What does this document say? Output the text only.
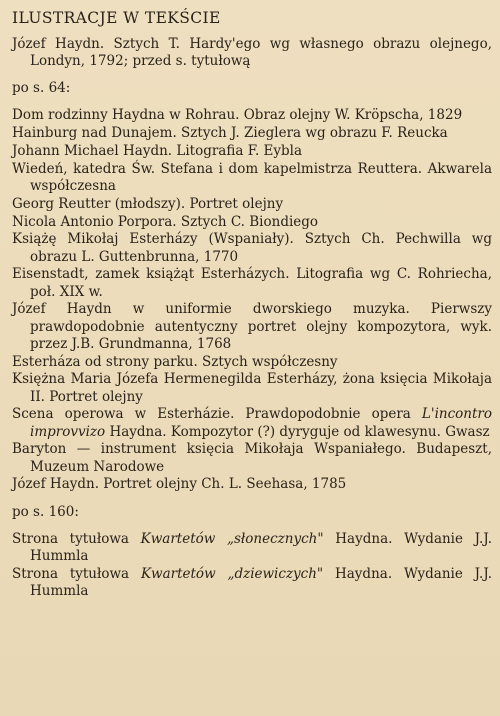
ILUSTRACJE W TEKŚCIE
Józef Haydn. Sztych T. Hardy'ego wg własnego obrazu olejnego, Londyn, 1792; przed s. tytułową
po s. 64:
Dom rodzinny Haydna w Rohrau. Obraz olejny W. Kröpscha, 1829
Hainburg nad Dunajem. Sztych J. Zieglera wg obrazu F. Reucka
Johann Michael Haydn. Litografia F. Eybla
Wiedeń, katedra Św. Stefana i dom kapelmistrza Reuttera. Akwarela współczesna
Georg Reutter (młodszy). Portret olejny
Nicola Antonio Porpora. Sztych C. Biondiego
Książę Mikołaj Esterházy (Wspaniały). Sztych Ch. Pechwilla wg obrazu L. Guttenbrunna, 1770
Eisenstadt, zamek książąt Esterházych. Litografia wg C. Rohriecha, poł. XIX w.
Józef Haydn w uniformie dworskiego muzyka. Pierwszy prawdopodobnie autentyczny portret olejny kompozytora, wyk. przez J.B. Grundmanna, 1768
Esterháza od strony parku. Sztych współczesny
Księżna Maria Józefa Hermenegilda Esterházy, żona księcia Mikołaja II. Portret olejny
Scena operowa w Esterházie. Prawdopodobnie opera L'incontro improvvizo Haydna. Kompozytor (?) dyryguje od klawesynu. Gwasz
Baryton — instrument księcia Mikołaja Wspaniałego. Budapeszt, Muzeum Narodowe
Józef Haydn. Portret olejny Ch. L. Seehasa, 1785
po s. 160:
Strona tytułowa Kwartetów „słonecznych" Haydna. Wydanie J.J. Hummla
Strona tytułowa Kwartetów „dziewiczych" Haydna. Wydanie J.J. Hummla
